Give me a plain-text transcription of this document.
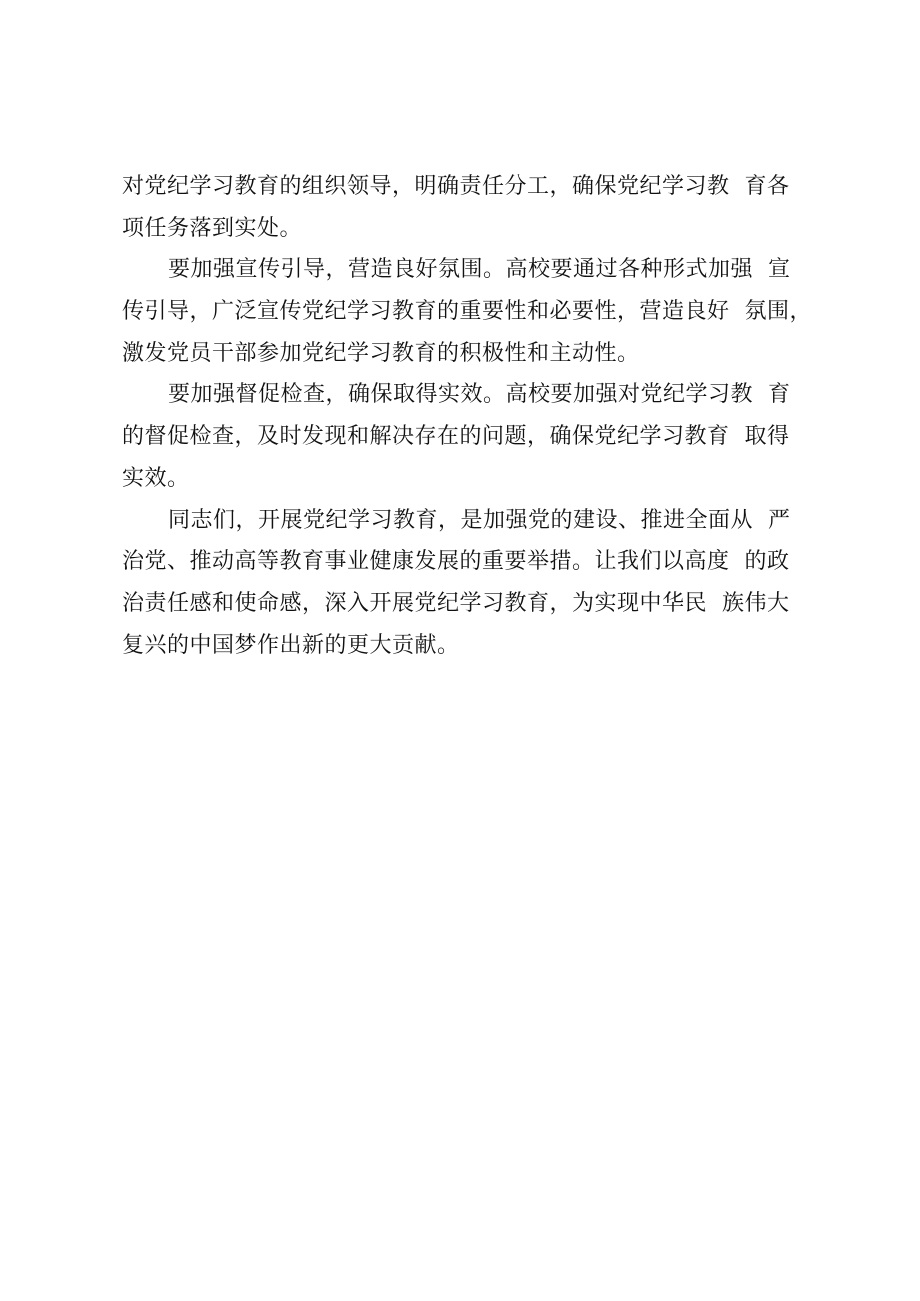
对党纪学习教育的组织领导，明确责任分工，确保党纪学习教  育各
项任务落到实处。
要加强宣传引导，营造良好氛围。高校要通过各种形式加强  宣
传引导，广泛宣传党纪学习教育的重要性和必要性，营造良好  氛围，
激发党员干部参加党纪学习教育的积极性和主动性。
要加强督促检查，确保取得实效。高校要加强对党纪学习教  育
的督促检查，及时发现和解决存在的问题，确保党纪学习教育  取得
实效。
同志们，开展党纪学习教育，是加强党的建设、推进全面从  严
治党、推动高等教育事业健康发展的重要举措。让我们以高度  的政
治责任感和使命感，深入开展党纪学习教育，为实现中华民  族伟大
复兴的中国梦作出新的更大贡献。
